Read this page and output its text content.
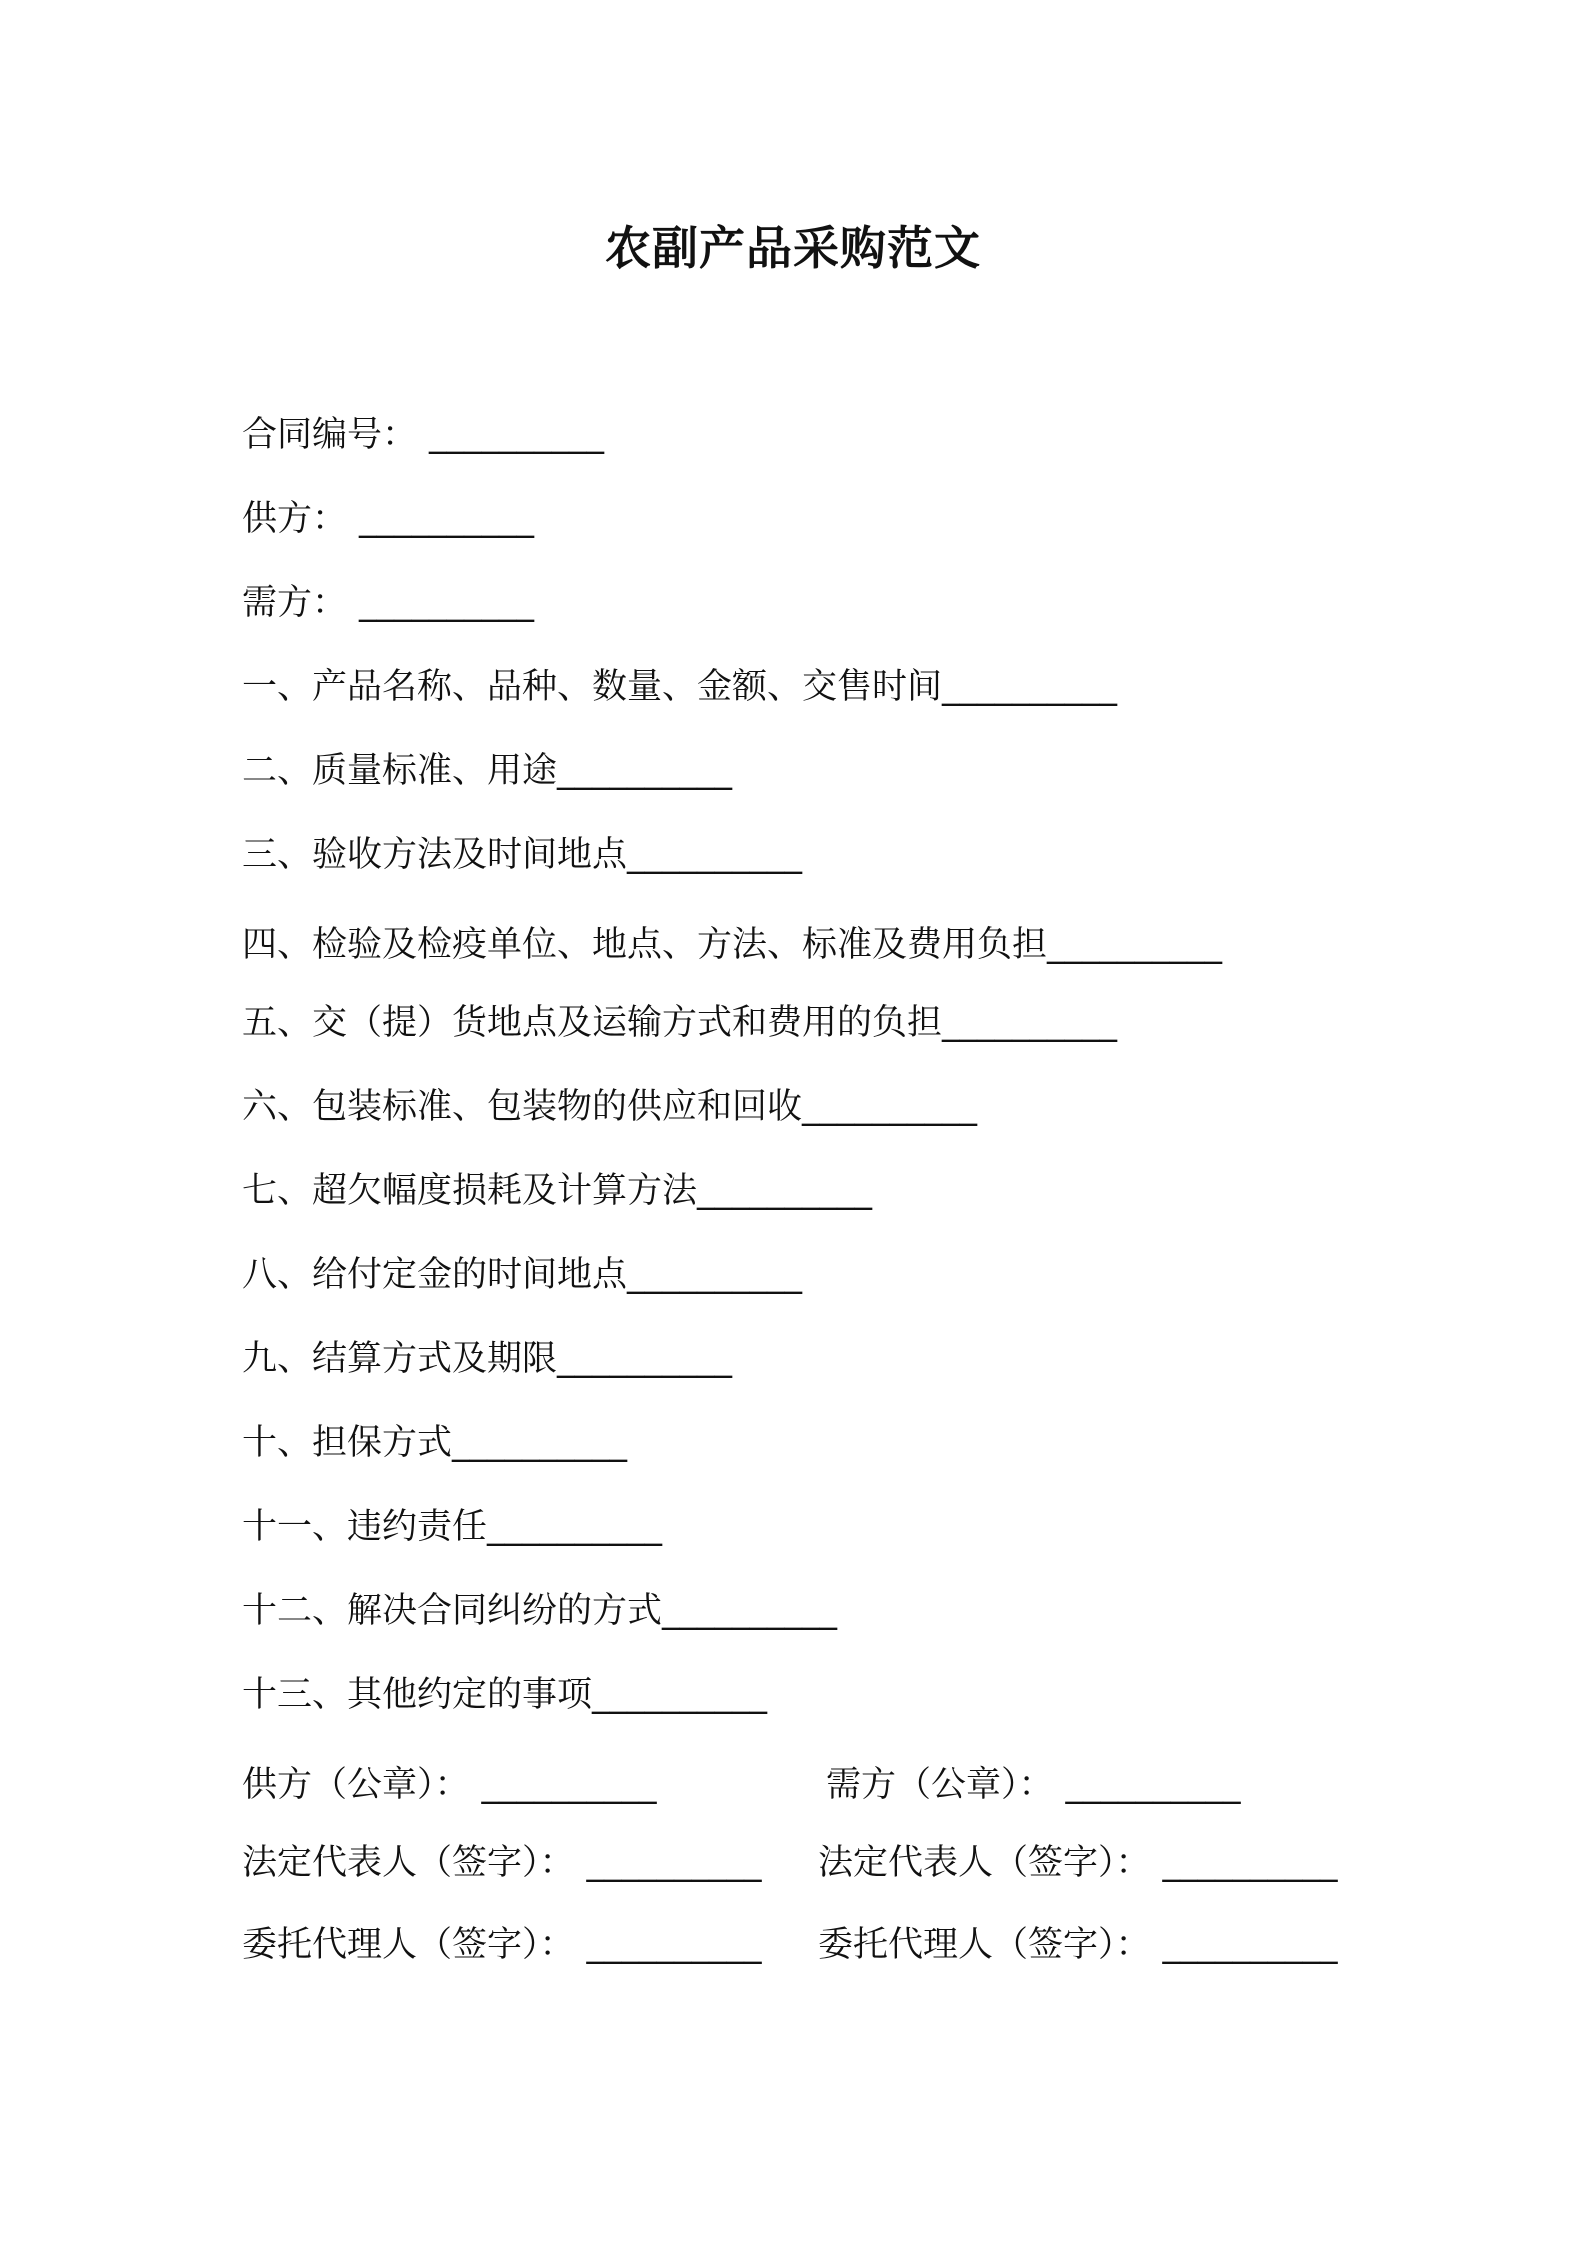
农副产品采购范文
合同编号： __________
供方： __________
需方： __________
一、产品名称、品种、数量、金额、交售时间__________
二、质量标准、用途__________
三、验收方法及时间地点__________
四、检验及检疫单位、地点、方法、标准及费用负担__________
五、交（提）货地点及运输方式和费用的负担__________
六、包装标准、包装物的供应和回收__________
七、超欠幅度损耗及计算方法__________
八、给付定金的时间地点__________
九、结算方式及期限__________
十、担保方式__________
十一、违约责任__________
十二、解决合同纠纷的方式__________
十三、其他约定的事项__________
供方（公章）： __________	需方（公章）： __________
法定代表人（签字）： __________ 法定代表人（签字）： __________
委托代理人（签字）： __________ 委托代理人（签字）： __________
